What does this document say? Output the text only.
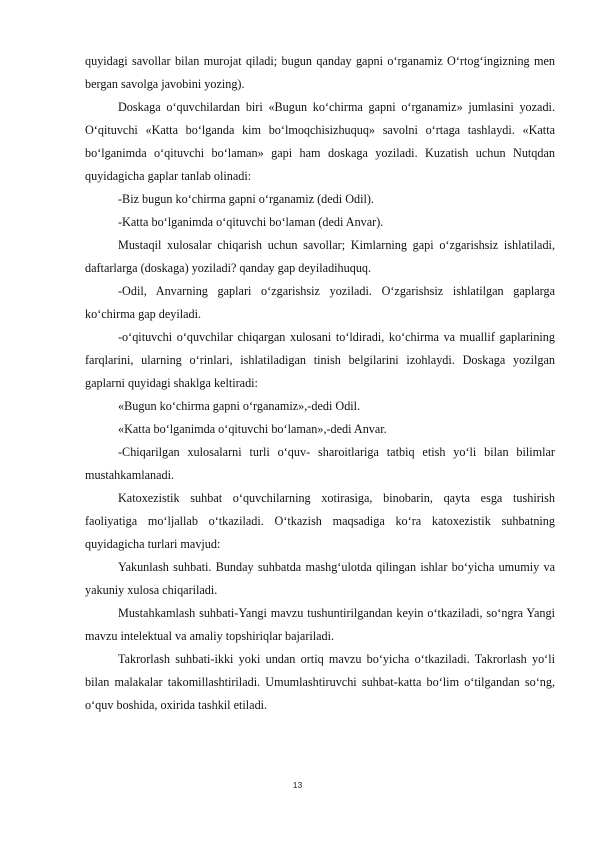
quyidagi savollar bilan murojat qiladi; bugun qanday gapni o‘rganamiz O‘rtog‘ingizning men bergan savolga javobini yozing).

Doskaga o‘quvchilardan biri «Bugun ko‘chirma gapni o‘rganamiz» jumlasini yozadi. O‘qituvchi «Katta bo‘lganda kim bo‘lmoqchisizhuquq» savolni o‘rtaga tashlaydi. «Katta bo‘lganimda o‘qituvchi bo‘laman» gapi ham doskaga yoziladi. Kuzatish uchun Nutqdan quyidagicha gaplar tanlab olinadi:

-Biz bugun ko‘chirma gapni o‘rganamiz (dedi Odil).

-Katta bo‘lganimda o‘qituvchi bo‘laman (dedi Anvar).

Mustaqil xulosalar chiqarish uchun savollar; Kimlarning gapi o‘zgarishsiz ishlatiladi, daftarlarga (doskaga) yoziladi? qanday gap deyiladihuquq.

-Odil, Anvarning gaplari o‘zgarishsiz yoziladi. O‘zgarishsiz ishlatilgan gaplarga ko‘chirma gap deyiladi.

-o‘qituvchi o‘quvchilar chiqargan xulosani to‘ldiradi, ko‘chirma va muallif gaplarining farqlarini, ularning o‘rinlari, ishlatiladigan tinish belgilarini izohlaydi. Doskaga yozilgan gaplarni quyidagi shaklga keltiradi:

«Bugun ko‘chirma gapni o‘rganamiz»,-dedi Odil.

«Katta bo‘lganimda o‘qituvchi bo‘laman»,-dedi Anvar.

-Chiqarilgan xulosalarni turli o‘quv- sharoitlariga tatbiq etish yo‘li bilan bilimlar mustahkamlanadi.

Katoxezistik suhbat o‘quvchilarning xotirasiga, binobarin, qayta esga tushirish faoliyatiga mo‘ljallab o‘tkaziladi. O‘tkazish maqsadiga ko‘ra katoxezistik suhbatning quyidagicha turlari mavjud:

Yakunlash suhbati. Bunday suhbatda mashg‘ulotda qilingan ishlar bo‘yicha umumiy va yakuniy xulosa chiqariladi.

Mustahkamlash suhbati-Yangi mavzu tushuntirilgandan keyin o‘tkaziladi, so‘ngra Yangi mavzu intelektual va amaliy topshiriqlar bajariladi.

Takrorlash suhbati-ikki yoki undan ortiq mavzu bo‘yicha o‘tkaziladi. Takrorlash yo‘li bilan malakalar takomillashtiriladi. Umumlashtiruvchi suhbat-katta bo‘lim o‘tilgandan so‘ng, o‘quv boshida, oxirida tashkil etiladi.

13
